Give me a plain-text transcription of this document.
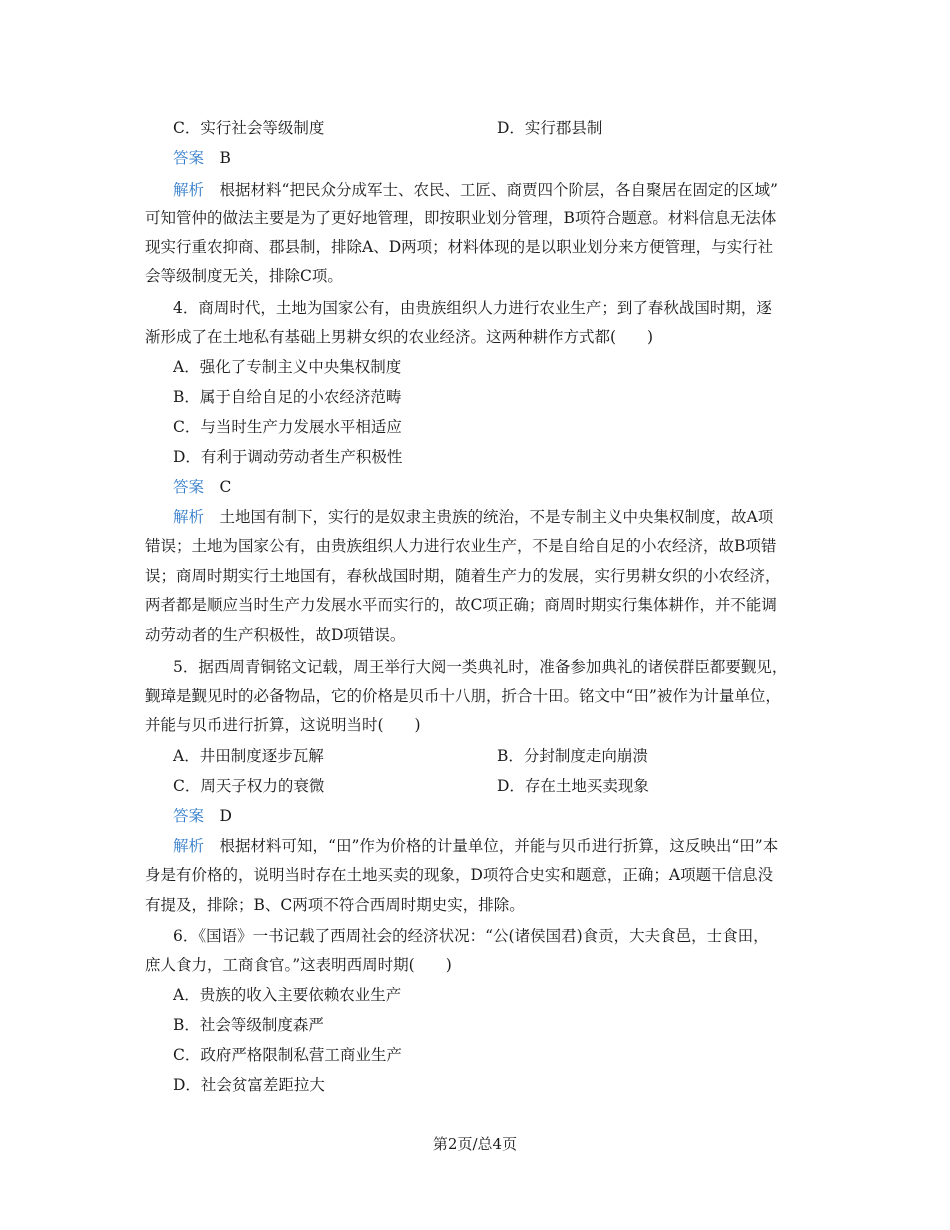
C．实行社会等级制度	D．实行郡县制
答案　 B
解析　 根据材料“把民众分成军士、农民、工匠、商贾四个阶层，各自聚居在固定的区域”
可知管仲的做法主要是为了更好地管理，即按职业划分管理，B项符合题意。材料信息无法体
现实行重农抑商、郡县制，排除A、D两项；材料体现的是以职业划分来方便管理，与实行社
会等级制度无关，排除C项。
4．商周时代，土地为国家公有，由贵族组织人力进行农业生产；到了春秋战国时期，逐
渐形成了在土地私有基础上男耕女织的农业经济。这两种耕作方式都(　　)
A．强化了专制主义中央集权制度
B．属于自给自足的小农经济范畴
C．与当时生产力发展水平相适应
D．有利于调动劳动者生产积极性
答案　 C
解析　 土地国有制下，实行的是奴隶主贵族的统治，不是专制主义中央集权制度，故A项
错误；土地为国家公有，由贵族组织人力进行农业生产，不是自给自足的小农经济，故B项错
误；商周时期实行土地国有，春秋战国时期，随着生产力的发展，实行男耕女织的小农经济，
两者都是顺应当时生产力发展水平而实行的，故C项正确；商周时期实行集体耕作，并不能调
动劳动者的生产积极性，故D项错误。
5．据西周青铜铭文记载，周王举行大阅一类典礼时，准备参加典礼的诸侯群臣都要觐见，
觐璋是觐见时的必备物品，它的价格是贝币十八朋，折合十田。铭文中“田”被作为计量单位，
并能与贝币进行折算，这说明当时(　　)
A．井田制度逐步瓦解	B．分封制度走向崩溃
C．周天子权力的衰微	D．存在土地买卖现象
答案　 D
解析　 根据材料可知，“田”作为价格的计量单位，并能与贝币进行折算，这反映出“田”本
身是有价格的，说明当时存在土地买卖的现象，D项符合史实和题意，正确；A项题干信息没
有提及，排除；B、C两项不符合西周时期史实，排除。
6．《国语》一书记载了西周社会的经济状况：“公(诸侯国君)食贡，大夫食邑，士食田，
庶人食力，工商食官。”这表明西周时期(　　)
A．贵族的收入主要依赖农业生产
B．社会等级制度森严
C．政府严格限制私营工商业生产
D．社会贫富差距拉大
第2页/总4页
